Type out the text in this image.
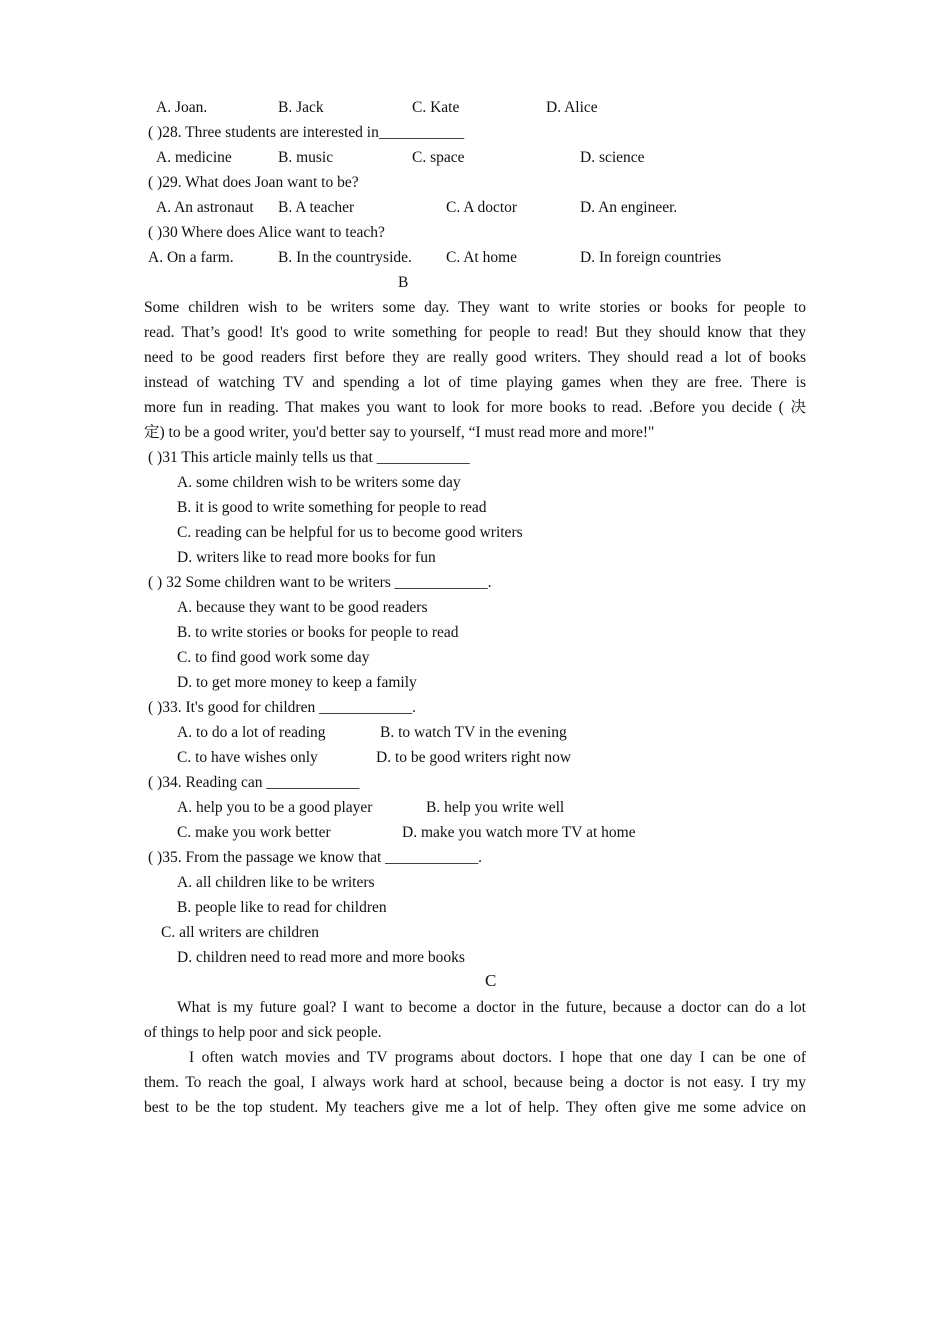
A. Joan.	B. Jack	C. Kate	D. Alice
( )28. Three students are interested in___________
A. medicine	B. music	C. space	D. science
( )29. What does Joan want to be?
A. An astronaut B. A teacher	C. A doctor	D. An engineer.
( )30 Where does Alice want to teach?
A. On a farm.	B. In the countryside. C. At home	D. In foreign countries
B
Some children wish to be writers some day. They want to write stories or books for people to
read. That’s good! It's good to write something for people to read! But they should know that they
need to be good readers first before they are really good writers. They should read a lot of books
instead of watching TV and spending a lot of time playing games when they are free. There is
more fun in reading. That makes you want to look for more books to read. .Before you decide ( 决
定) to be a good writer, you'd better say to yourself, “I must read more and more!"
( )31 This article mainly tells us that ____________
A. some children wish to be writers some day
B. it is good to write something for people to read
C. reading can be helpful for us to become good writers
D. writers like to read more books for fun
( ) 32 Some children want to be writers ____________.
A. because they want to be good readers
B. to write stories or books for people to read
C. to find good work some day
D. to get more money to keep a family
( )33. It's good for children ____________.
A. to do a lot of reading	B. to watch TV in the evening
C. to have wishes only	D. to be good writers right now
( )34. Reading can ____________
A. help you to be a good player	B. help you write well
C. make you work better	D. make you watch more TV at home
( )35. From the passage we know that ____________.
A. all children like to be writers
B. people like to read for children
C. all writers are children
D. children need to read more and more books
C
What is my future goal? I want to become a doctor in the future, because a doctor can do a lot
of things to help poor and sick people.
I often watch movies and TV programs about doctors. I hope that one day I can be one of
them. To reach the goal, I always work hard at school, because being a doctor is not easy. I try my
best to be the top student. My teachers give me a lot of help. They often give me some advice on
